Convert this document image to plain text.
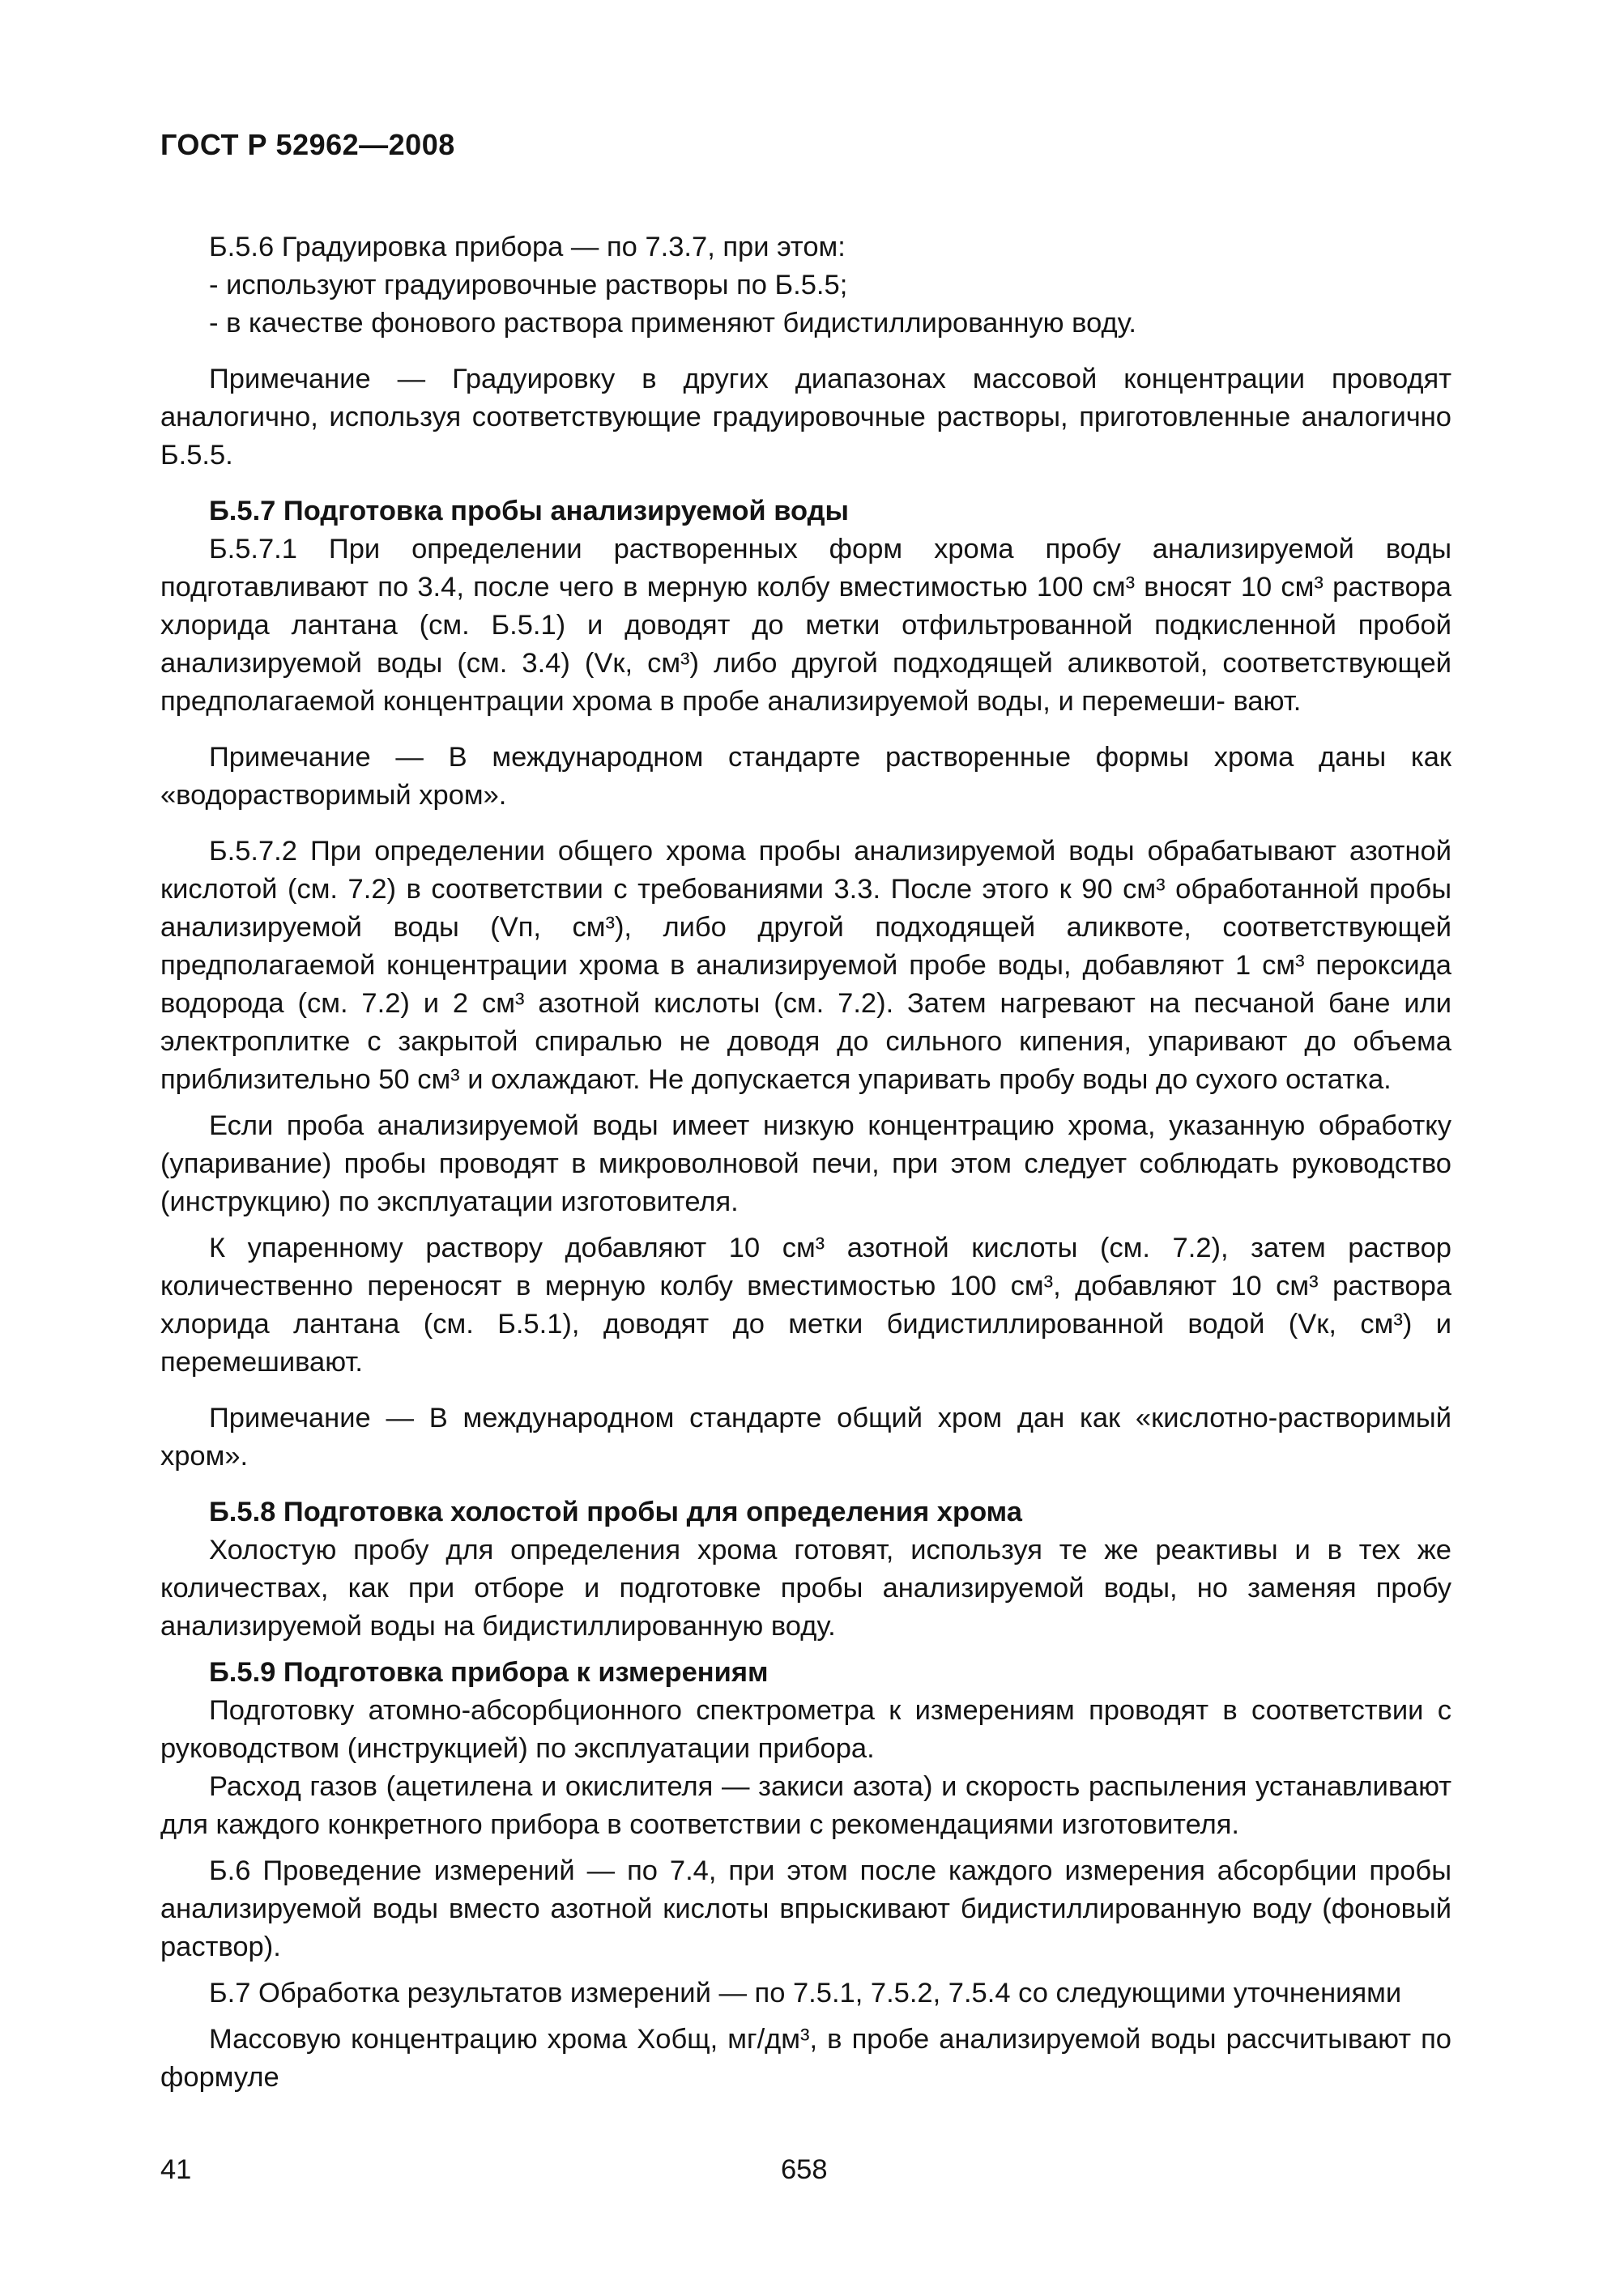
ГОСТ Р 52962—2008

Б.5.6 Градуировка прибора — по 7.3.7, при этом:

- используют градуировочные растворы по Б.5.5;

- в качестве фонового раствора применяют бидистиллированную воду.

Примечание — Градуировку в других диапазонах массовой концентрации проводят аналогично, используя соответствующие градуировочные растворы, приготовленные аналогично Б.5.5.

Б.5.7 Подготовка пробы анализируемой воды

Б.5.7.1 При определении растворенных форм хрома пробу анализируемой воды подготавливают по 3.4, после чего в мерную колбу вместимостью 100 см³ вносят 10 см³ раствора хлорида лантана (см. Б.5.1) и доводят до метки отфильтрованной подкисленной пробой анализируемой воды (см. 3.4) (Vк, см³) либо другой подходящей аликвотой, соответствующей предполагаемой концентрации хрома в пробе анализируемой воды, и перемеши- вают.

Примечание — В международном стандарте растворенные формы хрома даны как «водорастворимый хром».

Б.5.7.2 При определении общего хрома пробы анализируемой воды обрабатывают азотной кислотой (см. 7.2) в соответствии с требованиями 3.3. После этого к 90 см³ обработанной пробы анализируемой воды (Vп, см³), либо другой подходящей аликвоте, соответствующей предполагаемой концентрации хрома в анализируемой пробе воды, добавляют 1 см³ пероксида водорода (см. 7.2) и 2 см³ азотной кислоты (см. 7.2). Затем нагревают на песчаной бане или электроплитке с закрытой спиралью не доводя до сильного кипения, упаривают до объема приблизительно 50 см³ и охлаждают. Не допускается упаривать пробу воды до сухого остатка.

Если проба анализируемой воды имеет низкую концентрацию хрома, указанную обработку (упаривание) пробы проводят в микроволновой печи, при этом следует соблюдать руководство (инструкцию) по эксплуатации изготовителя.

К упаренному раствору добавляют 10 см³ азотной кислоты (см. 7.2), затем раствор количественно переносят в мерную колбу вместимостью 100 см³, добавляют 10 см³ раствора хлорида лантана (см. Б.5.1), доводят до метки бидистиллированной водой (Vк, см³) и перемешивают.

Примечание — В международном стандарте общий хром дан как «кислотно-растворимый хром».

Б.5.8 Подготовка холостой пробы для определения хрома

Холостую пробу для определения хрома готовят, используя те же реактивы и в тех же количествах, как при отборе и подготовке пробы анализируемой воды, но заменяя пробу анализируемой воды на бидистиллированную воду.

Б.5.9 Подготовка прибора к измерениям

Подготовку атомно-абсорбционного спектрометра к измерениям проводят в соответствии с руководством (инструкцией) по эксплуатации прибора.

Расход газов (ацетилена и окислителя — закиси азота) и скорость распыления устанавливают для каждого конкретного прибора в соответствии с рекомендациями изготовителя.

Б.6 Проведение измерений — по 7.4, при этом после каждого измерения абсорбции пробы анализируемой воды вместо азотной кислоты впрыскивают бидистиллированную воду (фоновый раствор).

Б.7 Обработка результатов измерений — по 7.5.1, 7.5.2, 7.5.4 со следующими уточнениями

Массовую концентрацию хрома Xобщ, мг/дм³, в пробе анализируемой воды рассчитывают по формуле

41	658
